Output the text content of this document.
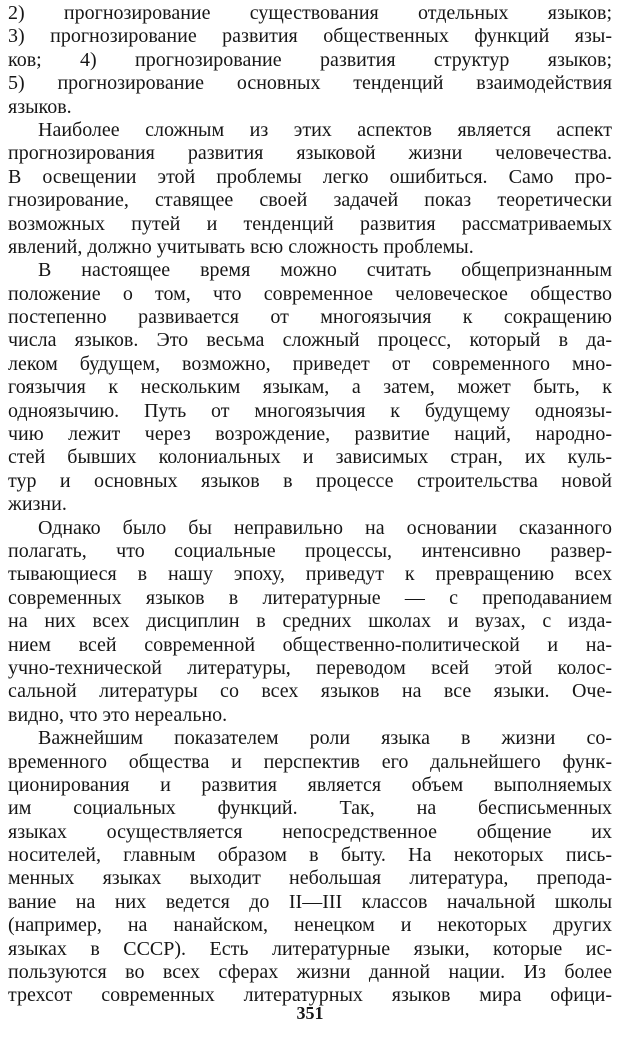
2) прогнозирование существования отдельных языков;
3) прогнозирование развития общественных функций язы-
ков; 4) прогнозирование развития структур языков;
5) прогнозирование основных тенденций взаимодействия
языков.
Наиболее сложным из этих аспектов является аспект
прогнозирования развития языковой жизни человечества.
В освещении этой проблемы легко ошибиться. Само про-
гнозирование, ставящее своей задачей показ теоретически
возможных путей и тенденций развития рассматриваемых
явлений, должно учитывать всю сложность проблемы.
В настоящее время можно считать общепризнанным
положение о том, что современное человеческое общество
постепенно развивается от многоязычия к сокращению
числа языков. Это весьма сложный процесс, который в да-
леком будущем, возможно, приведет от современного мно-
гоязычия к нескольким языкам, а затем, может быть, к
одноязычию. Путь от многоязычия к будущему одноязы-
чию лежит через возрождение, развитие наций, народно-
стей бывших колониальных и зависимых стран, их куль-
тур и основных языков в процессе строительства новой
жизни.
Однако было бы неправильно на основании сказанного
полагать, что социальные процессы, интенсивно развер-
тывающиеся в нашу эпоху, приведут к превращению всех
современных языков в литературные — с преподаванием
на них всех дисциплин в средних школах и вузах, с изда-
нием всей современной общественно-политической и на-
учно-технической литературы, переводом всей этой колос-
сальной литературы со всех языков на все языки. Оче-
видно, что это нереально.
Важнейшим показателем роли языка в жизни со-
временного общества и перспектив его дальнейшего функ-
ционирования и развития является объем выполняемых
им социальных функций. Так, на бесписьменных
языках осуществляется непосредственное общение их
носителей, главным образом в быту. На некоторых пись-
менных языках выходит небольшая литература, препода-
вание на них ведется до II—III классов начальной школы
(например, на нанайском, ненецком и некоторых других
языках в СССР). Есть литературные языки, которые ис-
пользуются во всех сферах жизни данной нации. Из более
трехсот современных литературных языков мира офици-
351
